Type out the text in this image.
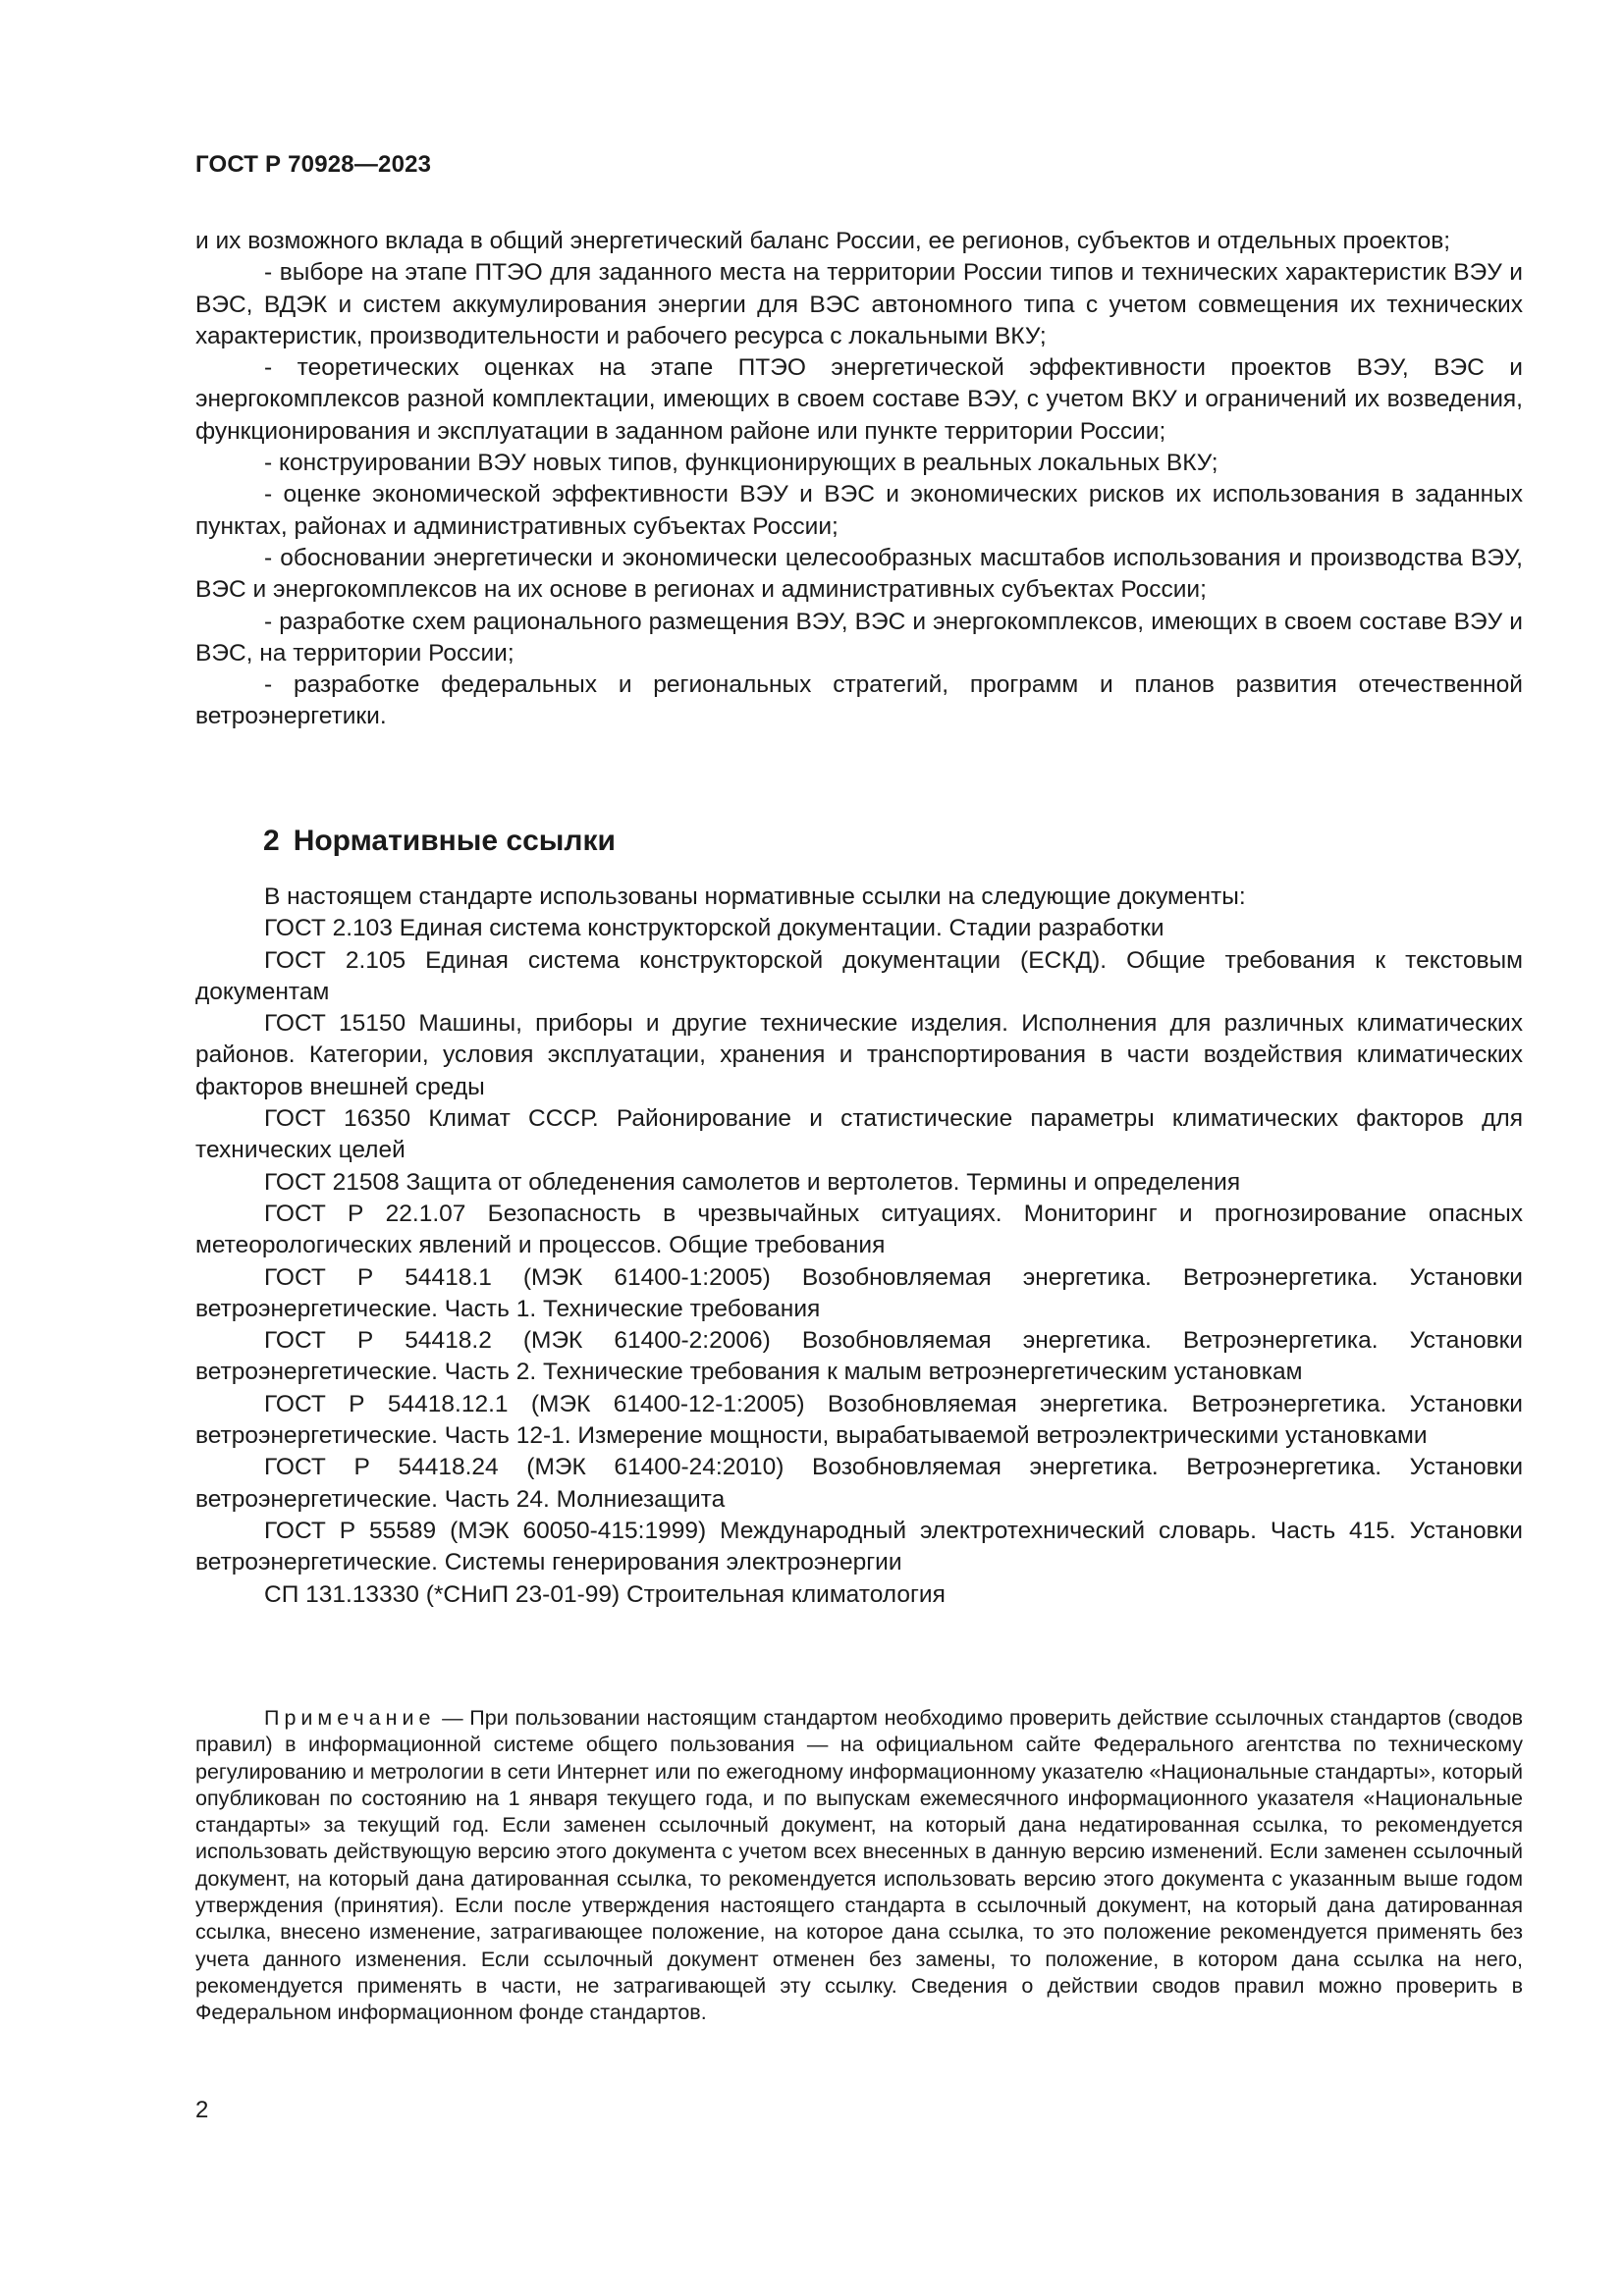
ГОСТ Р 70928—2023

и их возможного вклада в общий энергетический баланс России, ее регионов, субъектов и отдельных проектов;

- выборе на этапе ПТЭО для заданного места на территории России типов и технических характеристик ВЭУ и ВЭС, ВДЭК и систем аккумулирования энергии для ВЭС автономного типа с учетом совмещения их технических характеристик, производительности и рабочего ресурса с локальными ВКУ;

- теоретических оценках на этапе ПТЭО энергетической эффективности проектов ВЭУ, ВЭС и энергокомплексов разной комплектации, имеющих в своем составе ВЭУ, с учетом ВКУ и ограничений их возведения, функционирования и эксплуатации в заданном районе или пункте территории России;

- конструировании ВЭУ новых типов, функционирующих в реальных локальных ВКУ;

- оценке экономической эффективности ВЭУ и ВЭС и экономических рисков их использования в заданных пунктах, районах и административных субъектах России;

- обосновании энергетически и экономически целесообразных масштабов использования и производства ВЭУ, ВЭС и энергокомплексов на их основе в регионах и административных субъектах России;

- разработке схем рационального размещения ВЭУ, ВЭС и энергокомплексов, имеющих в своем составе ВЭУ и ВЭС, на территории России;

- разработке федеральных и региональных стратегий, программ и планов развития отечественной ветроэнергетики.

2 Нормативные ссылки

В настоящем стандарте использованы нормативные ссылки на следующие документы:

ГОСТ 2.103 Единая система конструкторской документации. Стадии разработки

ГОСТ 2.105 Единая система конструкторской документации (ЕСКД). Общие требования к текстовым документам

ГОСТ 15150 Машины, приборы и другие технические изделия. Исполнения для различных климатических районов. Категории, условия эксплуатации, хранения и транспортирования в части воздействия климатических факторов внешней среды

ГОСТ 16350 Климат СССР. Районирование и статистические параметры климатических факторов для технических целей

ГОСТ 21508 Защита от обледенения самолетов и вертолетов. Термины и определения

ГОСТ Р 22.1.07 Безопасность в чрезвычайных ситуациях. Мониторинг и прогнозирование опасных метеорологических явлений и процессов. Общие требования

ГОСТ Р 54418.1 (МЭК 61400-1:2005) Возобновляемая энергетика. Ветроэнергетика. Установки ветроэнергетические. Часть 1. Технические требования

ГОСТ Р 54418.2 (МЭК 61400-2:2006) Возобновляемая энергетика. Ветроэнергетика. Установки ветроэнергетические. Часть 2. Технические требования к малым ветроэнергетическим установкам

ГОСТ Р 54418.12.1 (МЭК 61400-12-1:2005) Возобновляемая энергетика. Ветроэнергетика. Установки ветроэнергетические. Часть 12-1. Измерение мощности, вырабатываемой ветроэлектрическими установками

ГОСТ Р 54418.24 (МЭК 61400-24:2010) Возобновляемая энергетика. Ветроэнергетика. Установки ветроэнергетические. Часть 24. Молниезащита

ГОСТ Р 55589 (МЭК 60050-415:1999) Международный электротехнический словарь. Часть 415. Установки ветроэнергетические. Системы генерирования электроэнергии

СП 131.13330 (*СНиП 23-01-99) Строительная климатология

Примечание — При пользовании настоящим стандартом необходимо проверить действие ссылочных стандартов (сводов правил) в информационной системе общего пользования — на официальном сайте Федерального агентства по техническому регулированию и метрологии в сети Интернет или по ежегодному информационному указателю «Национальные стандарты», который опубликован по состоянию на 1 января текущего года, и по выпускам ежемесячного информационного указателя «Национальные стандарты» за текущий год. Если заменен ссылочный документ, на который дана недатированная ссылка, то рекомендуется использовать действующую версию этого документа с учетом всех внесенных в данную версию изменений. Если заменен ссылочный документ, на который дана датированная ссылка, то рекомендуется использовать версию этого документа с указанным выше годом утверждения (принятия). Если после утверждения настоящего стандарта в ссылочный документ, на который дана датированная ссылка, внесено изменение, затрагивающее положение, на которое дана ссылка, то это положение рекомендуется применять без учета данного изменения. Если ссылочный документ отменен без замены, то положение, в котором дана ссылка на него, рекомендуется применять в части, не затрагивающей эту ссылку. Сведения о действии сводов правил можно проверить в Федеральном информационном фонде стандартов.

2
